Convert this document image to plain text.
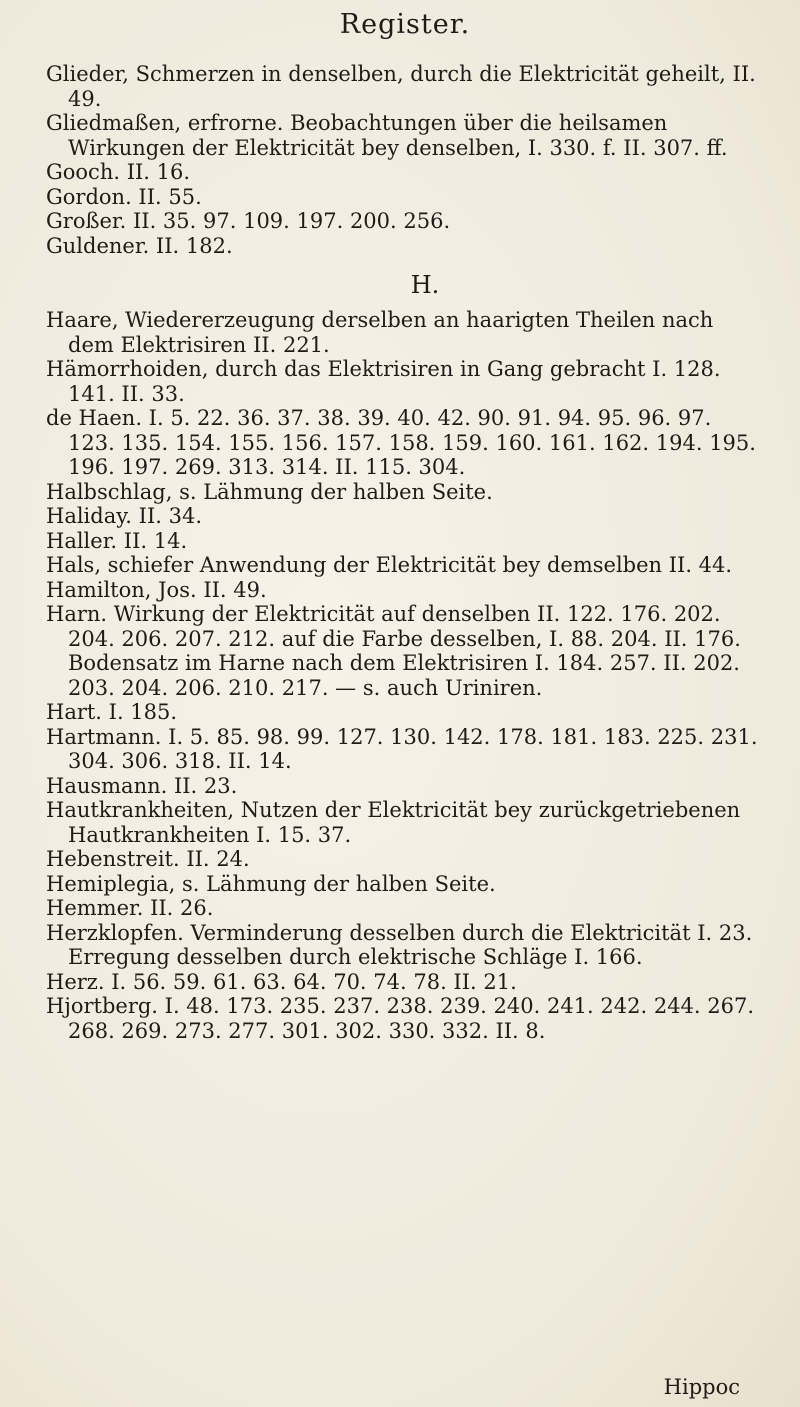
Register.

Glieder, Schmerzen in denselben, durch die Elektricität geheilt, II. 49.

Gliedmaßen, erfrorne. Beobachtungen über die heilsamen Wirkungen der Elektricität bey denselben, I. 330. f. II. 307. ff.

Gooch. II. 16.

Gordon. II. 55.

Großer. II. 35. 97. 109. 197. 200. 256.

Guldener. II. 182.

H.

Haare, Wiedererzeugung derselben an haarigten Theilen nach dem Elektrisiren II. 221.

Hämorrhoiden, durch das Elektrisiren in Gang gebracht I. 128. 141. II. 33.

de Haen. I. 5. 22. 36. 37. 38. 39. 40. 42. 90. 91. 94. 95. 96. 97. 123. 135. 154. 155. 156. 157. 158. 159. 160. 161. 162. 194. 195. 196. 197. 269. 313. 314. II. 115. 304.

Halbschlag, s. Lähmung der halben Seite.

Haliday. II. 34.

Haller. II. 14.

Hals, schiefer Anwendung der Elektricität bey demselben II. 44.

Hamilton, Jos. II. 49.

Harn. Wirkung der Elektricität auf denselben II. 122. 176. 202. 204. 206. 207. 212. auf die Farbe desselben, I. 88. 204. II. 176. Bodensatz im Harne nach dem Elektrisiren I. 184. 257. II. 202. 203. 204. 206. 210. 217. — s. auch Uriniren.

Hart. I. 185.

Hartmann. I. 5. 85. 98. 99. 127. 130. 142. 178. 181. 183. 225. 231. 304. 306. 318. II. 14.

Hausmann. II. 23.

Hautkrankheiten, Nutzen der Elektricität bey zurückgetriebenen Hautkrankheiten I. 15. 37.

Hebenstreit. II. 24.

Hemiplegia, s. Lähmung der halben Seite.

Hemmer. II. 26.

Herzklopfen. Verminderung desselben durch die Elektricität I. 23. Erregung desselben durch elektrische Schläge I. 166.

Herz. I. 56. 59. 61. 63. 64. 70. 74. 78. II. 21.

Hjortberg. I. 48. 173. 235. 237. 238. 239. 240. 241. 242. 244. 267. 268. 269. 273. 277. 301. 302. 330. 332. II. 8.

Hippoc
